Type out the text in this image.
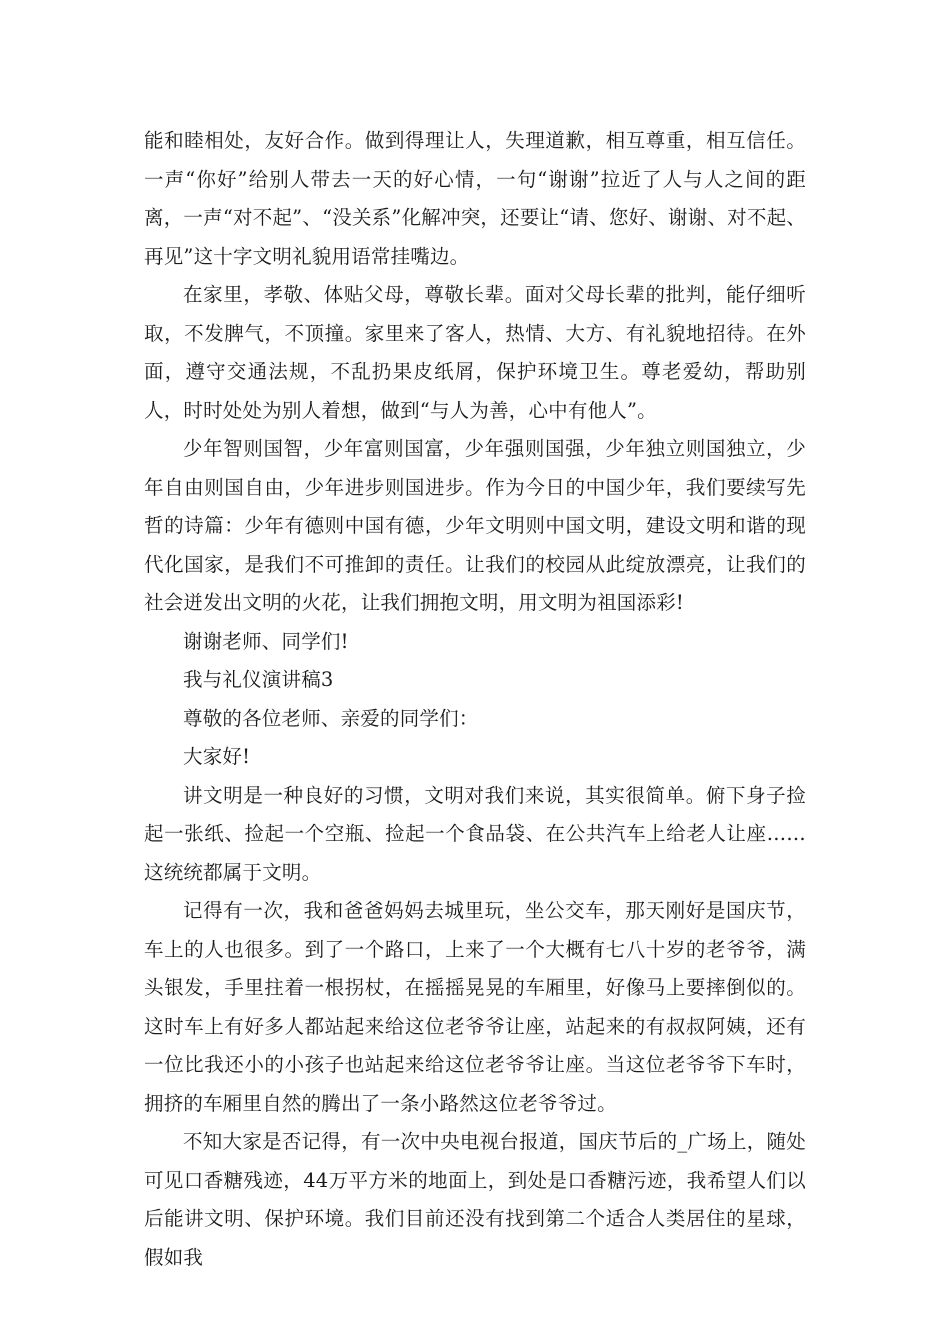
能和睦相处，友好合作。做到得理让人，失理道歉，相互尊重，相互信任。一声“你好”给别人带去一天的好心情，一句“谢谢”拉近了人与人之间的距离，一声“对不起”、“没关系”化解冲突，还要让“请、您好、谢谢、对不起、再见”这十字文明礼貌用语常挂嘴边。

在家里，孝敬、体贴父母，尊敬长辈。面对父母长辈的批判，能仔细听取，不发脾气，不顶撞。家里来了客人，热情、大方、有礼貌地招待。在外面，遵守交通法规，不乱扔果皮纸屑，保护环境卫生。尊老爱幼，帮助别人，时时处处为别人着想，做到“与人为善，心中有他人”。

少年智则国智，少年富则国富，少年强则国强，少年独立则国独立，少年自由则国自由，少年进步则国进步。作为今日的中国少年，我们要续写先哲的诗篇：少年有德则中国有德，少年文明则中国文明，建设文明和谐的现代化国家，是我们不可推卸的责任。让我们的校园从此绽放漂亮，让我们的社会迸发出文明的火花，让我们拥抱文明，用文明为祖国添彩!

谢谢老师、同学们!

我与礼仪演讲稿3

尊敬的各位老师、亲爱的同学们：

大家好!

讲文明是一种良好的习惯，文明对我们来说，其实很简单。俯下身子捡起一张纸、捡起一个空瓶、捡起一个食品袋、在公共汽车上给老人让座……这统统都属于文明。

记得有一次，我和爸爸妈妈去城里玩，坐公交车，那天刚好是国庆节，车上的人也很多。到了一个路口，上来了一个大概有七八十岁的老爷爷，满头银发，手里拄着一根拐杖，在摇摇晃晃的车厢里，好像马上要摔倒似的。这时车上有好多人都站起来给这位老爷爷让座，站起来的有叔叔阿姨，还有一位比我还小的小孩子也站起来给这位老爷爷让座。当这位老爷爷下车时，拥挤的车厢里自然的腾出了一条小路然这位老爷爷过。

不知大家是否记得，有一次中央电视台报道，国庆节后的_广场上，随处可见口香糖残迹，44万平方米的地面上，到处是口香糖污迹，我希望人们以后能讲文明、保护环境。我们目前还没有找到第二个适合人类居住的星球，假如我
